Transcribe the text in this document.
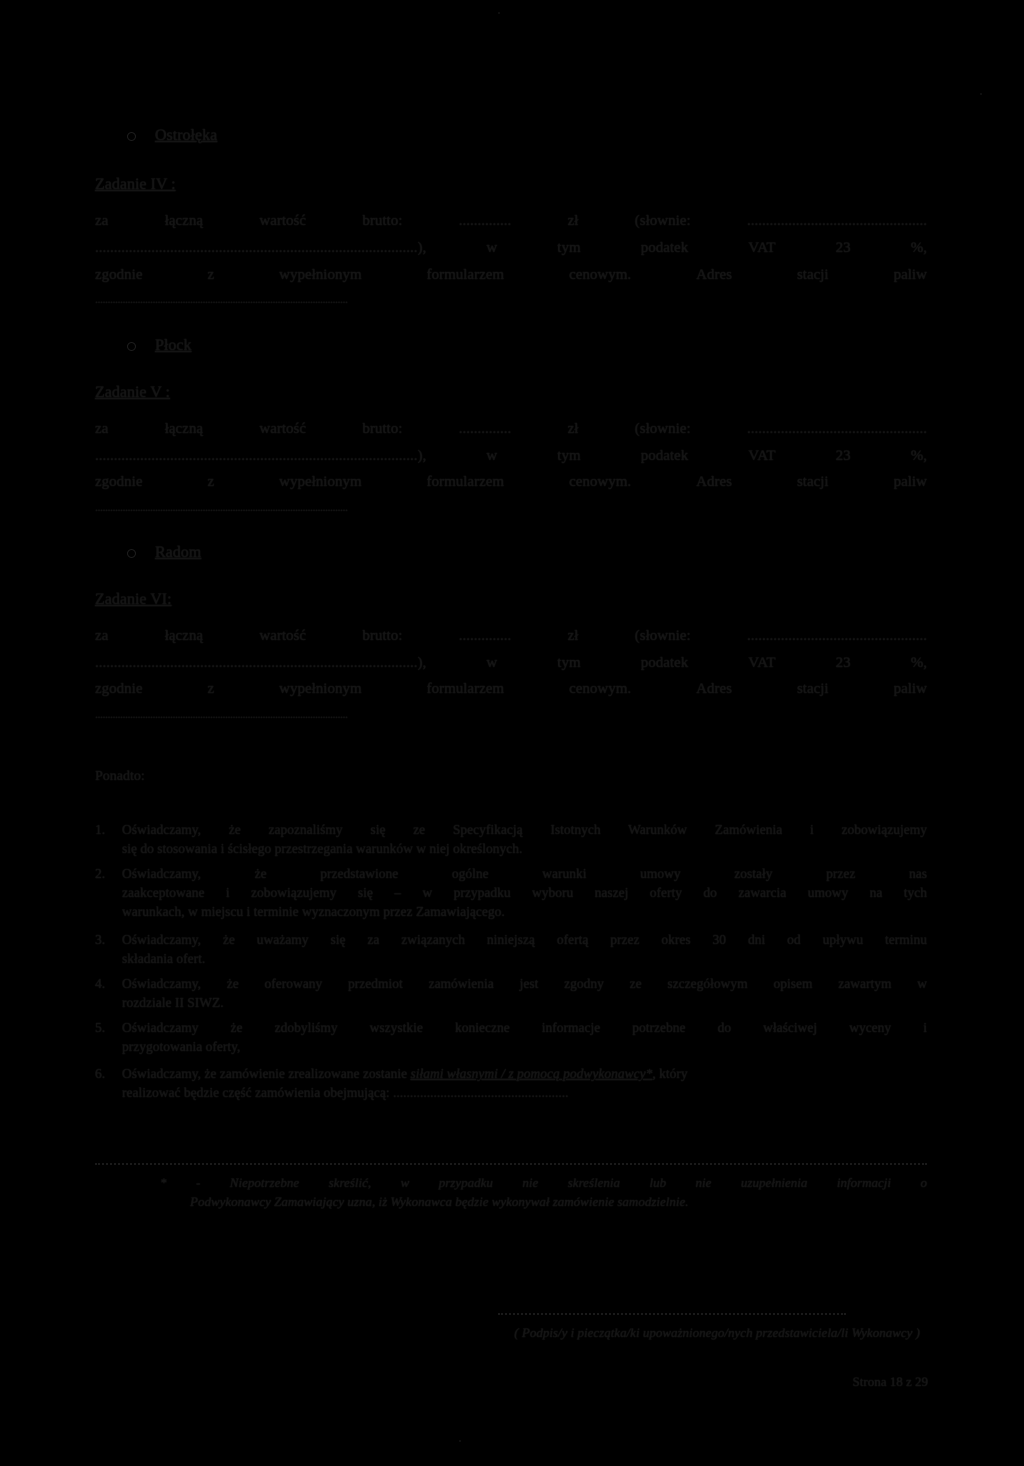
Ostrołęka
Zadanie IV :
za	łączną	wartość	brutto:	..............	zł	(słownie:	................................................
......................................................................................),	w	tym	podatek	VAT	23	%,
zgodnie	z	wypełnionym	formularzem	cenowym.	Adres	stacji	paliw
.....................................................................................................
Płock
Zadanie V :
za	łączną	wartość	brutto:	..............	zł	(słownie:	................................................
......................................................................................),	w	tym	podatek	VAT	23	%,
zgodnie	z	wypełnionym	formularzem	cenowym.	Adres	stacji	paliw
.....................................................................................................
Radom
Zadanie VI:
za	łączną	wartość	brutto:	..............	zł	(słownie:	................................................
......................................................................................),	w	tym	podatek	VAT	23	%,
zgodnie	z	wypełnionym	formularzem	cenowym.	Adres	stacji	paliw
.....................................................................................................
Ponadto:
1. Oświadczamy, że zapoznaliśmy się ze Specyfikacją Istotnych Warunków Zamówienia i zobowiązujemy
się do stosowania i ścisłego przestrzegania warunków w niej określonych.
2. Oświadczamy, że przedstawione ogólne warunki umowy zostały przez nas
zaakceptowane i zobowiązujemy się – w przypadku wyboru naszej oferty do zawarcia umowy na tych
warunkach, w miejscu i terminie wyznaczonym przez Zamawiającego.
3. Oświadczamy, że uważamy się za związanych niniejszą ofertą przez okres 30 dni od upływu terminu
składania ofert.
4. Oświadczamy, że oferowany przedmiot zamówienia jest zgodny ze szczegółowym opisem zawartym w
rozdziale II SIWZ.
5. Oświadczamy że zdobyliśmy wszystkie konieczne informacje potrzebne do właściwej wyceny i
przygotowania oferty,
6. Oświadczamy, że zamówienie zrealizowane zostanie siłami własnymi / z pomocą podwykonawcy*, który
realizować będzie część zamówienia obejmującą: ....................................................
* - Niepotrzebne skreślić, w przypadku nie skreślenia lub nie uzupełnienia informacji o
Podwykonawcy Zamawiający uzna, iż Wykonawca będzie wykonywał zamówienie samodzielnie.
( Podpis/y i pieczątka/ki upoważnionego/nych przedstawiciela/li Wykonawcy )
Strona 18 z 29
